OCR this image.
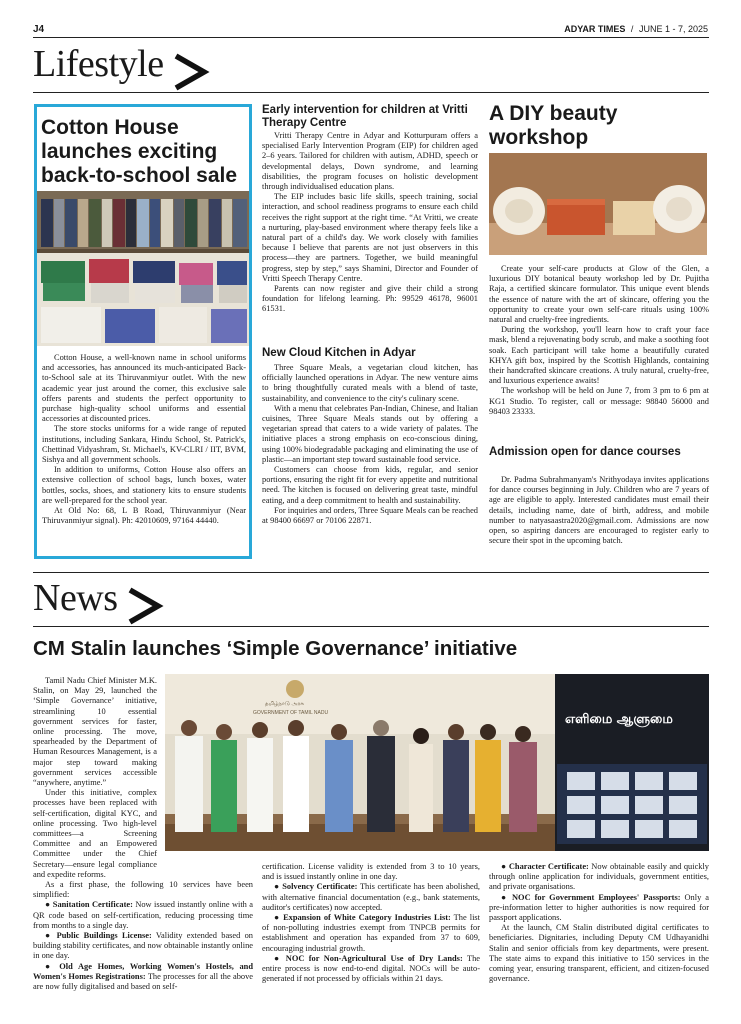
J4	ADYAR TIMES / JUNE 1 - 7, 2025
Lifestyle
Cotton House launches exciting back-to-school sale

Cotton House, a well-known name in school uniforms and accessories, has announced its much-anticipated Back-to-School sale at its Thiruvanmiyur outlet. With the new academic year just around the corner, this exclusive sale offers parents and students the perfect opportunity to purchase high-quality school uniforms and essential accessories at discounted prices.

The store stocks uniforms for a wide range of reputed institutions, including Sankara, Hindu School, St. Patrick's, Chettinad Vidyashram, St. Michael's, KV-CLRI / IIT, BVM, Sishya and all government schools.

In addition to uniforms, Cotton House also offers an extensive collection of school bags, lunch boxes, water bottles, socks, shoes, and stationery kits to ensure students are well-prepared for the school year.

At Old No: 68, L B Road, Thiruvanmiyur (Near Thiruvanmiyur signal). Ph: 42010609, 97164 44440.

Early intervention for children at Vritti Therapy Centre

Vritti Therapy Centre in Adyar and Kotturpuram offers a specialised Early Intervention Program (EIP) for children aged 2–6 years. Tailored for children with autism, ADHD, speech or developmental delays, Down syndrome, and learning disabilities, the program focuses on holistic development through individualised education plans.

The EIP includes basic life skills, speech training, social interaction, and school readiness programs to ensure each child receives the right support at the right time. “At Vritti, we create a nurturing, play-based environment where therapy feels like a natural part of a child's day. We work closely with families because I believe that parents are not just observers in this process—they are partners. Together, we build meaningful progress, step by step,” says Shamini, Director and Founder of Vritti Speech Therapy Centre.

Parents can now register and give their child a strong foundation for lifelong learning. Ph: 99529 46178, 96001 61531.

New Cloud Kitchen in Adyar

Three Square Meals, a vegetarian cloud kitchen, has officially launched operations in Adyar. The new venture aims to bring thoughtfully curated meals with a blend of taste, sustainability, and convenience to the city's culinary scene.

With a menu that celebrates Pan-Indian, Chinese, and Italian cuisines, Three Square Meals stands out by offering a vegetarian spread that caters to a wide variety of palates. The initiative places a strong emphasis on eco-conscious dining, using 100% biodegradable packaging and eliminating the use of plastic—an important step toward sustainable food service.

Customers can choose from kids, regular, and senior portions, ensuring the right fit for every appetite and nutritional need. The kitchen is focused on delivering great taste, mindful eating, and a deep commitment to health and sustainability.

For inquiries and orders, Three Square Meals can be reached at 98400 66697 or 70106 22871.

A DIY beauty workshop

Create your self-care products at Glow of the Glen, a luxurious DIY botanical beauty workshop led by Dr. Pujitha Raja, a certified skincare formulator. This unique event blends the essence of nature with the art of skincare, offering you the opportunity to create your own self-care rituals using 100% natural and cruelty-free ingredients.

During the workshop, you'll learn how to craft your face mask, blend a rejuvenating body scrub, and make a soothing foot soak. Each participant will take home a beautifully curated KHYA gift box, inspired by the Scottish Highlands, containing their handcrafted skincare creations. A truly natural, cruelty-free, and luxurious experience awaits!

The workshop will be held on June 7, from 3 pm to 6 pm at KG1 Studio. To register, call or message: 98840 56000 and 98403 23333.

Admission open for dance courses

Dr. Padma Subrahmanyam's Nrithyodaya invites applications for dance courses beginning in July. Children who are 7 years of age are eligible to apply. Interested candidates must email their details, including name, date of birth, address, and mobile number to natyasaastra2020@gmail.com. Admissions are now open, so aspiring dancers are encouraged to register early to secure their spot in the upcoming batch.

News
CM Stalin launches ‘Simple Governance’ initiative
தமிழ்நாடு அரசு
GOVERNMENT OF TAMIL NADU	எளிமை ஆளுமை

Tamil Nadu Chief Minister M.K. Stalin, on May 29, launched the ‘Simple Governance’ initiative, streamlining 10 essential government services for faster, online processing. The move, spearheaded by the Department of Human Resources Management, is a major step toward making government services accessible “anywhere, anytime.”

Under this initiative, complex processes have been replaced with self-certification, digital KYC, and online processing. Two high-level committees—a Screening Committee and an Empowered Committee under the Chief Secretary—ensure legal compliance and expedite reforms.

As a first phase, the following 10 services have been simplified:

● Sanitation Certificate: Now issued instantly online with a QR code based on self-certification, reducing processing time from months to a single day.

● Public Buildings License: Validity extended based on building stability certificates, and now obtainable instantly online in one day.

● Old Age Homes, Working Women's Hostels, and Women's Homes Registrations: The processes for all the above are now fully digitalised and based on self-

certification. License validity is extended from 3 to 10 years, and is issued instantly online in one day.

● Solvency Certificate: This certificate has been abolished, with alternative financial documentation (e.g., bank statements, auditor's certificates) now accepted.

● Expansion of White Category Industries List: The list of non-polluting industries exempt from TNPCB permits for establishment and operation has expanded from 37 to 609, encouraging industrial growth.

● NOC for Non-Agricultural Use of Dry Lands: The entire process is now end-to-end digital. NOCs will be auto-generated if not processed by officials within 21 days.

● Character Certificate: Now obtainable easily and quickly through online application for individuals, government entities, and private organisations.

● NOC for Government Employees' Passports: Only a pre-information letter to higher authorities is now required for passport applications.

At the launch, CM Stalin distributed digital certificates to beneficiaries. Dignitaries, including Deputy CM Udhayanidhi Stalin and senior officials from key departments, were present. The state aims to expand this initiative to 150 services in the coming year, ensuring transparent, efficient, and citizen-focused governance.
